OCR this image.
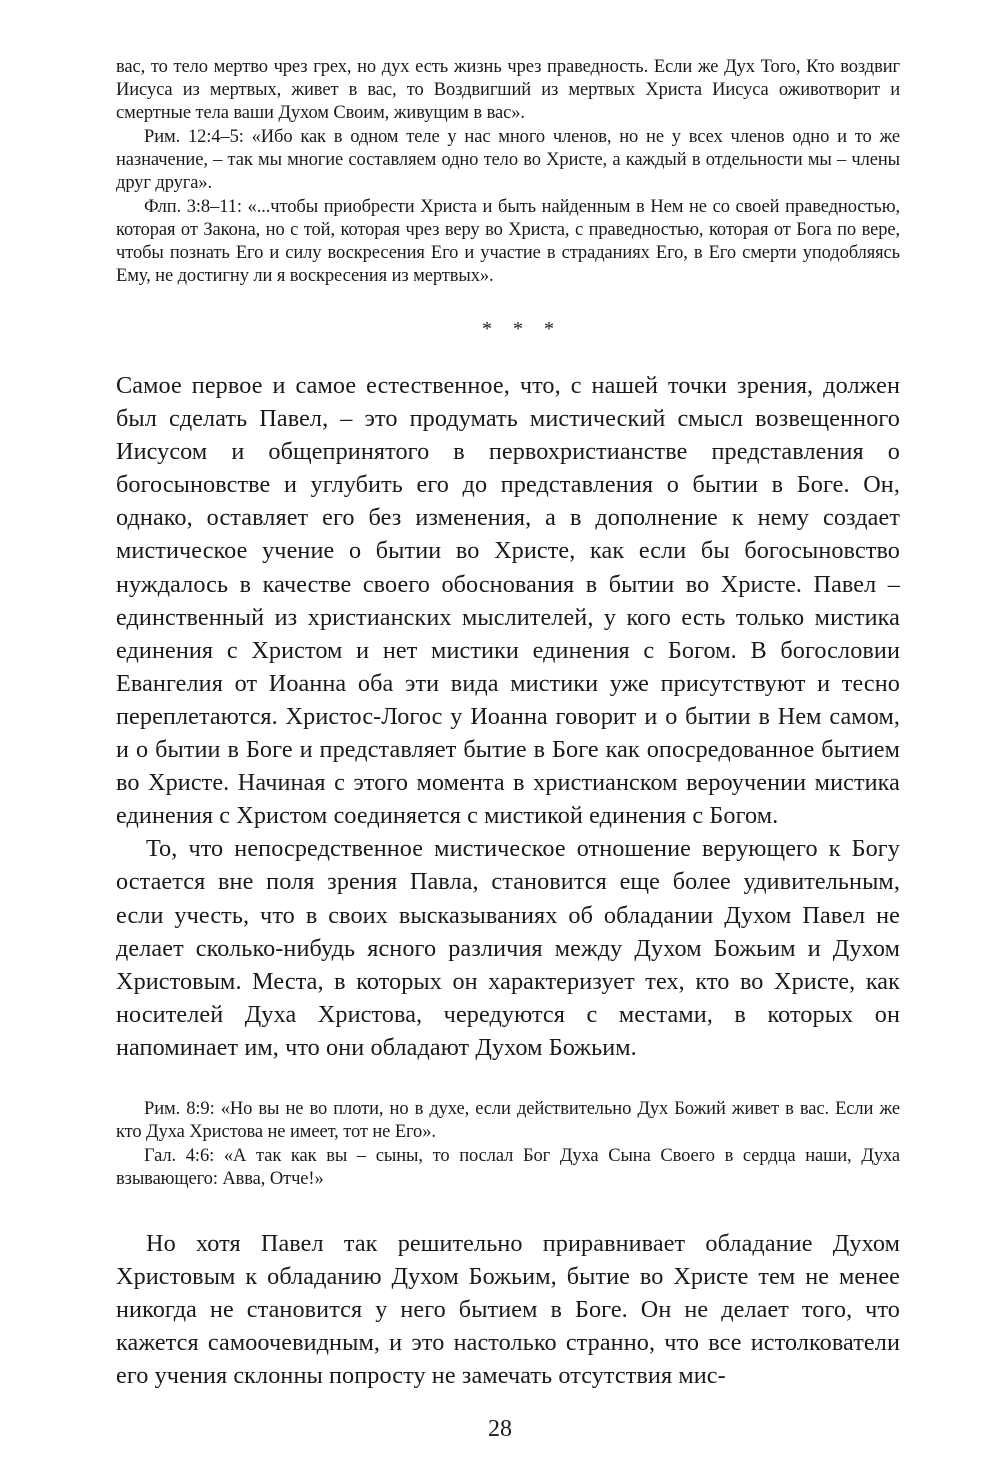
вас, то тело мертво чрез грех, но дух есть жизнь чрез праведность. Если же Дух Того, Кто воздвиг Иисуса из мертвых, живет в вас, то Воздвигший из мертвых Христа Иисуса оживотворит и смертные тела ваши Духом Своим, живущим в вас».

Рим. 12:4–5: «Ибо как в одном теле у нас много членов, но не у всех членов одно и то же назначение, – так мы многие составляем одно тело во Христе, а каждый в отдельности мы – члены друг друга».

Флп. 3:8–11: «...чтобы приобрести Христа и быть найденным в Нем не со своей праведностью, которая от Закона, но с той, которая чрез веру во Христа, с праведностью, которая от Бога по вере, чтобы познать Его и силу воскресения Его и участие в страданиях Его, в Его смерти уподобляясь Ему, не достигну ли я воскресения из мертвых».

* * *

Самое первое и самое естественное, что, с нашей точки зрения, должен был сделать Павел, – это продумать мистический смысл возвещенного Иисусом и общепринятого в первохристианстве представления о богосыновстве и углубить его до представления о бытии в Боге. Он, однако, оставляет его без изменения, а в дополнение к нему создает мистическое учение о бытии во Христе, как если бы богосыновство нуждалось в качестве своего обоснования в бытии во Христе. Павел – единственный из христианских мыслителей, у кого есть только мистика единения с Христом и нет мистики единения с Богом. В богословии Евангелия от Иоанна оба эти вида мистики уже присутствуют и тесно переплетаются. Христос-Логос у Иоанна говорит и о бытии в Нем самом, и о бытии в Боге и представляет бытие в Боге как опосредованное бытием во Христе. Начиная с этого момента в христианском вероучении мистика единения с Христом соединяется с мистикой единения с Богом.

То, что непосредственное мистическое отношение верующего к Богу остается вне поля зрения Павла, становится еще более удивительным, если учесть, что в своих высказываниях об обладании Духом Павел не делает сколько-нибудь ясного различия между Духом Божьим и Духом Христовым. Места, в которых он характеризует тех, кто во Христе, как носителей Духа Христова, чередуются с местами, в которых он напоминает им, что они обладают Духом Божьим.

Рим. 8:9: «Но вы не во плоти, но в духе, если действительно Дух Божий живет в вас. Если же кто Духа Христова не имеет, тот не Его».

Гал. 4:6: «А так как вы – сыны, то послал Бог Духа Сына Своего в сердца наши, Духа взывающего: Авва, Отче!»

Но хотя Павел так решительно приравнивает обладание Духом Христовым к обладанию Духом Божьим, бытие во Христе тем не менее никогда не становится у него бытием в Боге. Он не делает того, что кажется самоочевидным, и это настолько странно, что все истолкователи его учения склонны попросту не замечать отсутствия мис-

28
